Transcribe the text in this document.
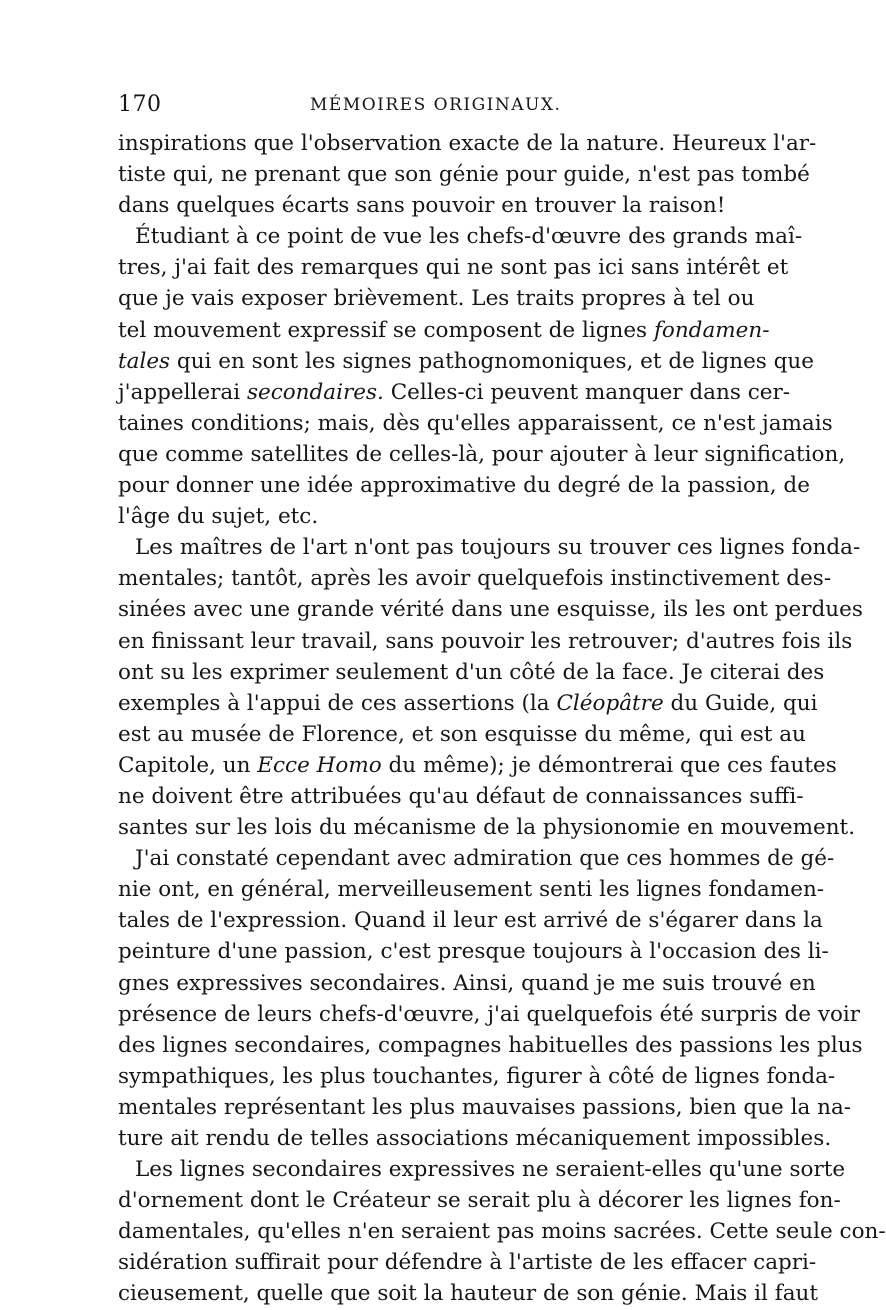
170	MÉMOIRES ORIGINAUX.
inspirations que l'observation exacte de la nature. Heureux l'ar-
tiste qui, ne prenant que son génie pour guide, n'est pas tombé
dans quelques écarts sans pouvoir en trouver la raison!
Étudiant à ce point de vue les chefs-d'œuvre des grands maî-
tres, j'ai fait des remarques qui ne sont pas ici sans intérêt et
que je vais exposer brièvement. Les traits propres à tel ou
tel mouvement expressif se composent de lignes fondamen-
tales qui en sont les signes pathognomoniques, et de lignes que
j'appellerai secondaires. Celles-ci peuvent manquer dans cer-
taines conditions; mais, dès qu'elles apparaissent, ce n'est jamais
que comme satellites de celles-là, pour ajouter à leur signification,
pour donner une idée approximative du degré de la passion, de
l'âge du sujet, etc.
Les maîtres de l'art n'ont pas toujours su trouver ces lignes fonda-
mentales; tantôt, après les avoir quelquefois instinctivement des-
sinées avec une grande vérité dans une esquisse, ils les ont perdues
en finissant leur travail, sans pouvoir les retrouver; d'autres fois ils
ont su les exprimer seulement d'un côté de la face. Je citerai des
exemples à l'appui de ces assertions (la Cléopâtre du Guide, qui
est au musée de Florence, et son esquisse du même, qui est au
Capitole, un Ecce Homo du même); je démontrerai que ces fautes
ne doivent être attribuées qu'au défaut de connaissances suffi-
santes sur les lois du mécanisme de la physionomie en mouvement.
J'ai constaté cependant avec admiration que ces hommes de gé-
nie ont, en général, merveilleusement senti les lignes fondamen-
tales de l'expression. Quand il leur est arrivé de s'égarer dans la
peinture d'une passion, c'est presque toujours à l'occasion des li-
gnes expressives secondaires. Ainsi, quand je me suis trouvé en
présence de leurs chefs-d'œuvre, j'ai quelquefois été surpris de voir
des lignes secondaires, compagnes habituelles des passions les plus
sympathiques, les plus touchantes, figurer à côté de lignes fonda-
mentales représentant les plus mauvaises passions, bien que la na-
ture ait rendu de telles associations mécaniquement impossibles.
Les lignes secondaires expressives ne seraient-elles qu'une sorte
d'ornement dont le Créateur se serait plu à décorer les lignes fon-
damentales, qu'elles n'en seraient pas moins sacrées. Cette seule con-
sidération suffirait pour défendre à l'artiste de les effacer capri-
cieusement, quelle que soit la hauteur de son génie. Mais il faut
